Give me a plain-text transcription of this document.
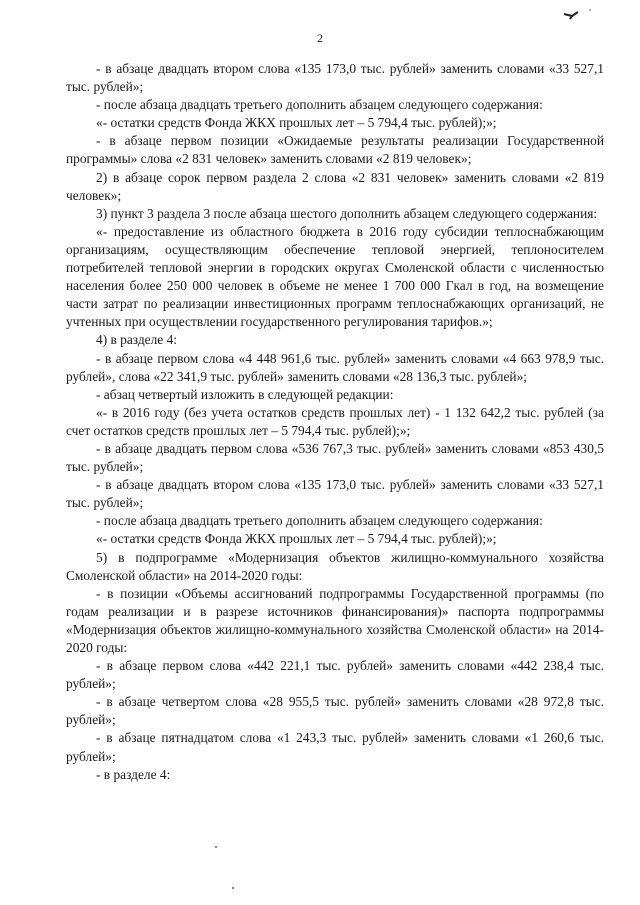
2

- в абзаце двадцать втором слова «135 173,0 тыс. рублей» заменить словами «33 527,1 тыс. рублей»;

- после абзаца двадцать третьего дополнить абзацем следующего содержания:

«- остатки средств Фонда ЖКХ прошлых лет – 5 794,4 тыс. рублей);»;

- в абзаце первом позиции «Ожидаемые результаты реализации Государственной программы» слова «2 831 человек» заменить словами «2 819 человек»;

2) в абзаце сорок первом раздела 2 слова «2 831 человек» заменить словами «2 819 человек»;

3) пункт 3 раздела 3 после абзаца шестого дополнить абзацем следующего содержания:

«- предоставление из областного бюджета в 2016 году субсидии теплоснабжающим организациям, осуществляющим обеспечение тепловой энергией, теплоносителем потребителей тепловой энергии в городских округах Смоленской области с численностью населения более 250 000 человек в объеме не менее 1 700 000 Гкал в год, на возмещение части затрат по реализации инвестиционных программ теплоснабжающих организаций, не учтенных при осуществлении государственного регулирования тарифов.»;

4) в разделе 4:

- в абзаце первом слова «4 448 961,6 тыс. рублей» заменить словами «4 663 978,9 тыс. рублей», слова «22 341,9 тыс. рублей» заменить словами «28 136,3 тыс. рублей»;

- абзац четвертый изложить в следующей редакции:

«- в 2016 году (без учета остатков средств прошлых лет) - 1 132 642,2 тыс. рублей (за счет остатков средств прошлых лет – 5 794,4 тыс. рублей);»;

- в абзаце двадцать первом слова «536 767,3 тыс. рублей» заменить словами «853 430,5 тыс. рублей»;

- в абзаце двадцать втором слова «135 173,0 тыс. рублей» заменить словами «33 527,1 тыс. рублей»;

- после абзаца двадцать третьего дополнить абзацем следующего содержания:

«- остатки средств Фонда ЖКХ прошлых лет – 5 794,4 тыс. рублей);»;

5) в подпрограмме «Модернизация объектов жилищно-коммунального хозяйства Смоленской области» на 2014-2020 годы:

- в позиции «Объемы ассигнований подпрограммы Государственной программы (по годам реализации и в разрезе источников финансирования)» паспорта подпрограммы «Модернизация объектов жилищно-коммунального хозяйства Смоленской области» на 2014-2020 годы:

- в абзаце первом слова «442 221,1 тыс. рублей» заменить словами «442 238,4 тыс. рублей»;

- в абзаце четвертом слова «28 955,5 тыс. рублей» заменить словами «28 972,8 тыс. рублей»;

- в абзаце пятнадцатом слова «1 243,3 тыс. рублей» заменить словами «1 260,6 тыс. рублей»;

- в разделе 4:
